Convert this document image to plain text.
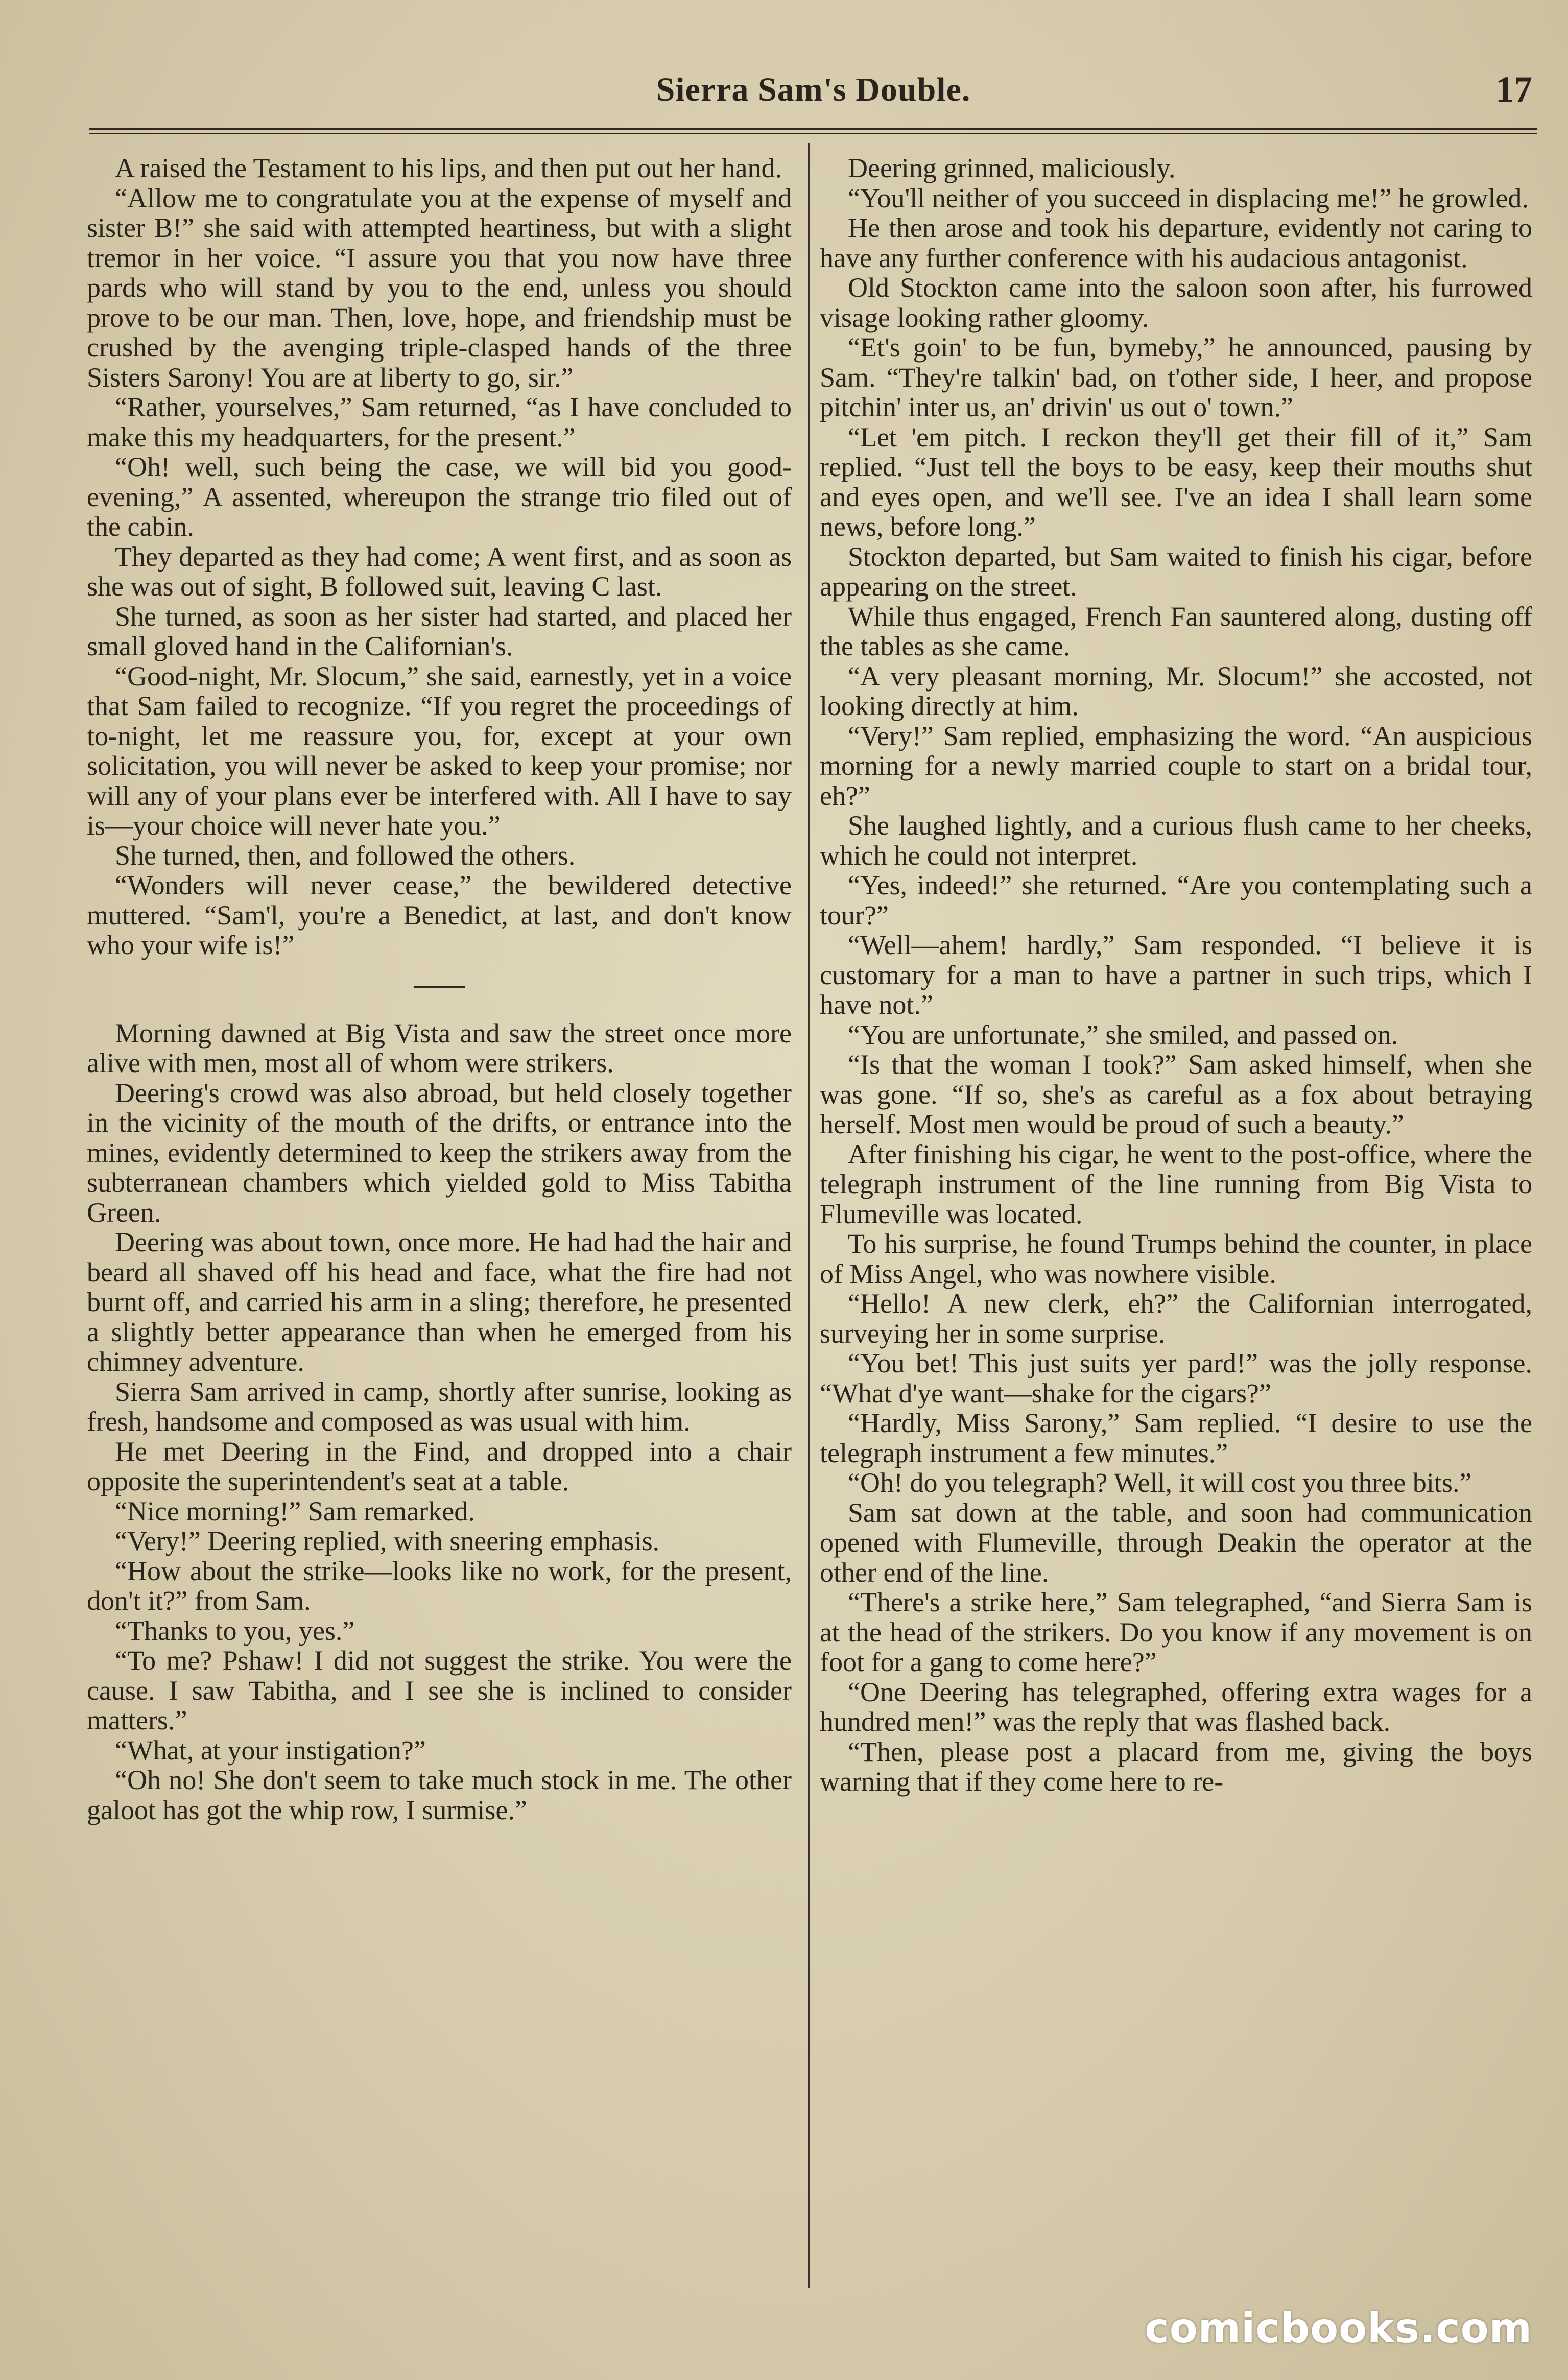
Sierra Sam's Double.	17

A raised the Testament to his lips, and then put out her hand.

“Allow me to congratulate you at the expense of myself and sister B!” she said with attempted heartiness, but with a slight tremor in her voice. “I assure you that you now have three pards who will stand by you to the end, unless you should prove to be our man. Then, love, hope, and friendship must be crushed by the avenging triple-clasped hands of the three Sisters Sarony! You are at liberty to go, sir.”

“Rather, yourselves,” Sam returned, “as I have concluded to make this my headquarters, for the present.”

“Oh! well, such being the case, we will bid you good-evening,” A assented, whereupon the strange trio filed out of the cabin.

They departed as they had come; A went first, and as soon as she was out of sight, B followed suit, leaving C last.

She turned, as soon as her sister had started, and placed her small gloved hand in the Californian's.

“Good-night, Mr. Slocum,” she said, earnestly, yet in a voice that Sam failed to recognize. “If you regret the proceedings of to-night, let me reassure you, for, except at your own solicitation, you will never be asked to keep your promise; nor will any of your plans ever be interfered with. All I have to say is—your choice will never hate you.”

She turned, then, and followed the others.

“Wonders will never cease,” the bewildered detective muttered. “Sam'l, you're a Benedict, at last, and don't know who your wife is!”

Morning dawned at Big Vista and saw the street once more alive with men, most all of whom were strikers.

Deering's crowd was also abroad, but held closely together in the vicinity of the mouth of the drifts, or entrance into the mines, evidently determined to keep the strikers away from the subterranean chambers which yielded gold to Miss Tabitha Green.

Deering was about town, once more. He had had the hair and beard all shaved off his head and face, what the fire had not burnt off, and carried his arm in a sling; therefore, he presented a slightly better appearance than when he emerged from his chimney adventure.

Sierra Sam arrived in camp, shortly after sunrise, looking as fresh, handsome and composed as was usual with him.

He met Deering in the Find, and dropped into a chair opposite the superintendent's seat at a table.

“Nice morning!” Sam remarked.

“Very!” Deering replied, with sneering emphasis.

“How about the strike—looks like no work, for the present, don't it?” from Sam.

“Thanks to you, yes.”

“To me? Pshaw! I did not suggest the strike. You were the cause. I saw Tabitha, and I see she is inclined to consider matters.”

“What, at your instigation?”

“Oh no! She don't seem to take much stock in me. The other galoot has got the whip row, I surmise.”

Deering grinned, maliciously.

“You'll neither of you succeed in displacing me!” he growled.

He then arose and took his departure, evidently not caring to have any further conference with his audacious antagonist.

Old Stockton came into the saloon soon after, his furrowed visage looking rather gloomy.

“Et's goin' to be fun, bymeby,” he announced, pausing by Sam. “They're talkin' bad, on t'other side, I heer, and propose pitchin' inter us, an' drivin' us out o' town.”

“Let 'em pitch. I reckon they'll get their fill of it,” Sam replied. “Just tell the boys to be easy, keep their mouths shut and eyes open, and we'll see. I've an idea I shall learn some news, before long.”

Stockton departed, but Sam waited to finish his cigar, before appearing on the street.

While thus engaged, French Fan sauntered along, dusting off the tables as she came.

“A very pleasant morning, Mr. Slocum!” she accosted, not looking directly at him.

“Very!” Sam replied, emphasizing the word. “An auspicious morning for a newly married couple to start on a bridal tour, eh?”

She laughed lightly, and a curious flush came to her cheeks, which he could not interpret.

“Yes, indeed!” she returned. “Are you contemplating such a tour?”

“Well—ahem! hardly,” Sam responded. “I believe it is customary for a man to have a partner in such trips, which I have not.”

“You are unfortunate,” she smiled, and passed on.

“Is that the woman I took?” Sam asked himself, when she was gone. “If so, she's as careful as a fox about betraying herself. Most men would be proud of such a beauty.”

After finishing his cigar, he went to the post-office, where the telegraph instrument of the line running from Big Vista to Flumeville was located.

To his surprise, he found Trumps behind the counter, in place of Miss Angel, who was nowhere visible.

“Hello! A new clerk, eh?” the Californian interrogated, surveying her in some surprise.

“You bet! This just suits yer pard!” was the jolly response. “What d'ye want—shake for the cigars?”

“Hardly, Miss Sarony,” Sam replied. “I desire to use the telegraph instrument a few minutes.”

“Oh! do you telegraph? Well, it will cost you three bits.”

Sam sat down at the table, and soon had communication opened with Flumeville, through Deakin the operator at the other end of the line.

“There's a strike here,” Sam telegraphed, “and Sierra Sam is at the head of the strikers. Do you know if any movement is on foot for a gang to come here?”

“One Deering has telegraphed, offering extra wages for a hundred men!” was the reply that was flashed back.

“Then, please post a placard from me, giving the boys warning that if they come here to re-

comicbooks.com
